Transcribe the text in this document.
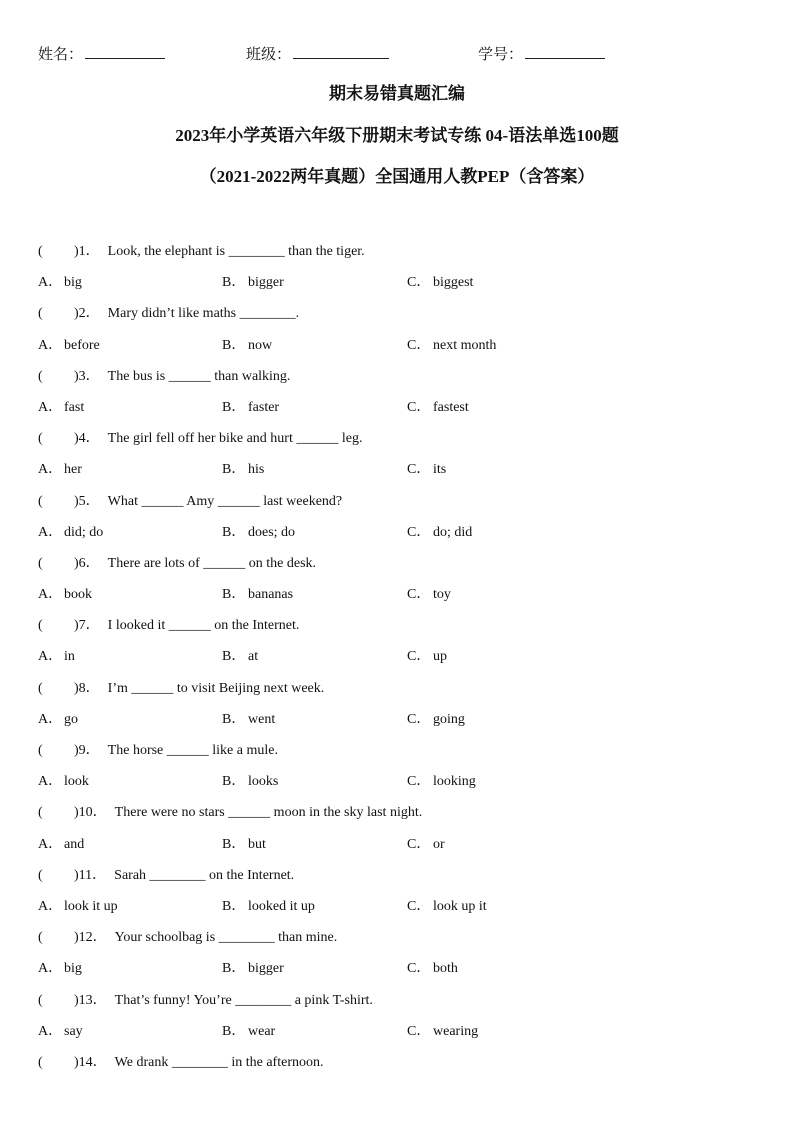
姓名：	班级：	学号：
期末易错真题汇编
2023年小学英语六年级下册期末考试专练 04-语法单选100题
（2021-2022两年真题）全国通用人教PEP（含答案）
( )1． Look, the elephant is ________ than the tiger.
A． big	B． bigger	C． biggest
( )2． Mary didn’t like maths ________.
A． before	B． now	C． next month
( )3． The bus is ______ than walking.
A． fast	B． faster	C． fastest
( )4． The girl fell off her bike and hurt ______ leg.
A． her	B． his	C． its
( )5． What ______ Amy ______ last weekend?
A． did; do	B． does; do	C． do; did
( )6． There are lots of ______ on the desk.
A． book	B． bananas	C． toy
( )7． I looked it ______ on the Internet.
A． in	B． at	C． up
( )8． I’m ______ to visit Beijing next week.
A． go	B． went	C． going
( )9． The horse ______ like a mule.
A． look	B． looks	C． looking
( )10． There were no stars ______ moon in the sky last night.
A． and	B． but	C． or
( )11． Sarah ________ on the Internet.
A． look it up	B． looked it up	C． look up it
( )12． Your schoolbag is ________ than mine.
A． big	B． bigger	C． both
( )13． That’s funny! You’re ________ a pink T-shirt.
A． say	B． wear	C． wearing
( )14． We drank ________ in the afternoon.
